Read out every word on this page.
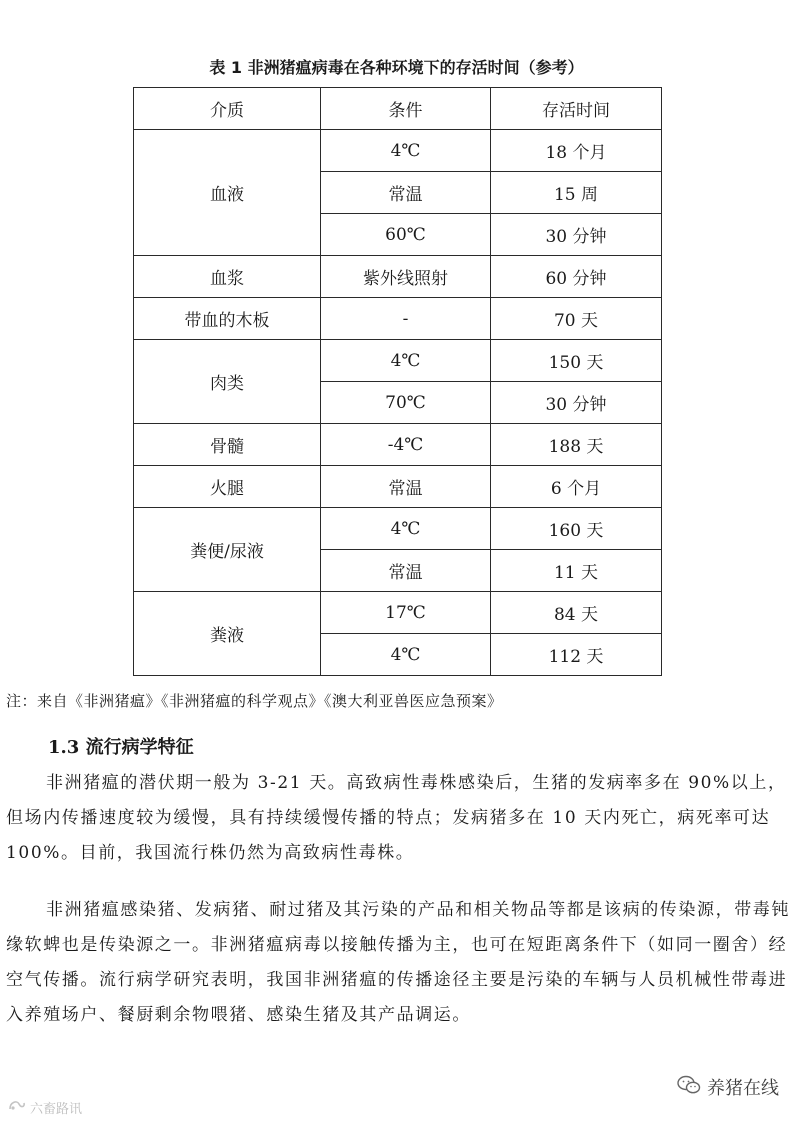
表 1 非洲猪瘟病毒在各种环境下的存活时间（参考）
介质	条件	存活时间
血液	4℃	18 个月
	常温	15 周
	60℃	30 分钟
血浆	紫外线照射	60 分钟
带血的木板	-	70 天
肉类	4℃	150 天
	70℃	30 分钟
骨髓	-4℃	188 天
火腿	常温	6 个月
粪便/尿液	4℃	160 天
	常温	11 天
粪液	17℃	84 天
	4℃	112 天
注：来自《非洲猪瘟》《非洲猪瘟的科学观点》《澳大利亚兽医应急预案》
1.3 流行病学特征

非洲猪瘟的潜伏期一般为 3-21 天。高致病性毒株感染后，生猪的发病率多在 90%以上，但场内传播速度较为缓慢，具有持续缓慢传播的特点；发病猪多在 10 天内死亡，病死率可达 100%。目前，我国流行株仍然为高致病性毒株。

非洲猪瘟感染猪、发病猪、耐过猪及其污染的产品和相关物品等都是该病的传染源，带毒钝缘软蜱也是传染源之一。非洲猪瘟病毒以接触传播为主，也可在短距离条件下（如同一圈舍）经空气传播。流行病学研究表明，我国非洲猪瘟的传播途径主要是污染的车辆与人员机械性带毒进入养殖场户、餐厨剩余物喂猪、感染生猪及其产品调运。

六畜路讯
养猪在线
